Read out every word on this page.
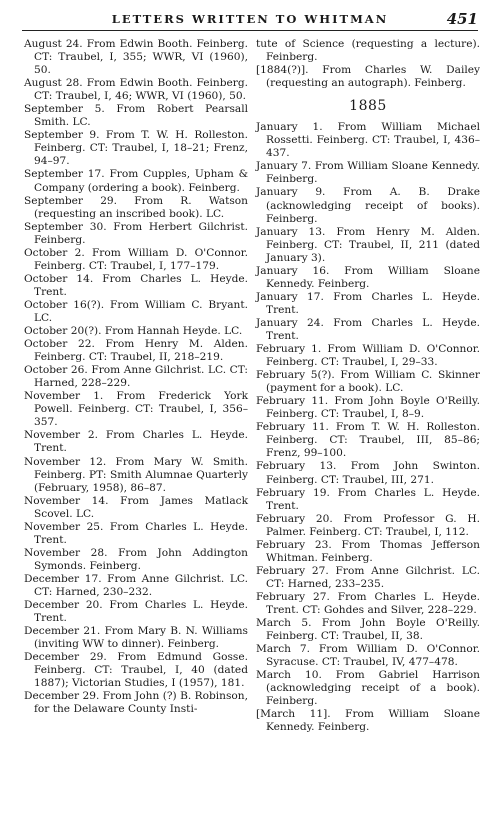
LETTERS WRITTEN TO WHITMAN	451

August 24. From Edwin Booth. Feinberg. CT: Traubel, I, 355; WWR, VI (1960), 50.

August 28. From Edwin Booth. Feinberg. CT: Traubel, I, 46; WWR, VI (1960), 50.

September 5. From Robert Pearsall Smith. LC.

September 9. From T. W. H. Rolleston. Feinberg. CT: Traubel, I, 18–21; Frenz, 94–97.

September 17. From Cupples, Upham & Company (ordering a book). Feinberg.

September 29. From R. Watson (requesting an inscribed book). LC.

September 30. From Herbert Gilchrist. Feinberg.

October 2. From William D. O'Connor. Feinberg. CT: Traubel, I, 177–179.

October 14. From Charles L. Heyde. Trent.

October 16(?). From William C. Bryant. LC.

October 20(?). From Hannah Heyde. LC.

October 22. From Henry M. Alden. Feinberg. CT: Traubel, II, 218–219.

October 26. From Anne Gilchrist. LC. CT: Harned, 228–229.

November 1. From Frederick York Powell. Feinberg. CT: Traubel, I, 356–357.

November 2. From Charles L. Heyde. Trent.

November 12. From Mary W. Smith. Feinberg. PT: Smith Alumnae Quarterly (February, 1958), 86–87.

November 14. From James Matlack Scovel. LC.

November 25. From Charles L. Heyde. Trent.

November 28. From John Addington Symonds. Feinberg.

December 17. From Anne Gilchrist. LC. CT: Harned, 230–232.

December 20. From Charles L. Heyde. Trent.

December 21. From Mary B. N. Williams (inviting WW to dinner). Feinberg.

December 29. From Edmund Gosse. Feinberg. CT: Traubel, I, 40 (dated 1887); Victorian Studies, I (1957), 181.

December 29. From John (?) B. Robinson, for the Delaware County Insti-

tute of Science (requesting a lecture). Feinberg.

[1884(?)]. From Charles W. Dailey (requesting an autograph). Feinberg.

1885

January 1. From William Michael Rossetti. Feinberg. CT: Traubel, I, 436–437.

January 7. From William Sloane Kennedy. Feinberg.

January 9. From A. B. Drake (acknowledging receipt of books). Feinberg.

January 13. From Henry M. Alden. Feinberg. CT: Traubel, II, 211 (dated January 3).

January 16. From William Sloane Kennedy. Feinberg.

January 17. From Charles L. Heyde. Trent.

January 24. From Charles L. Heyde. Trent.

February 1. From William D. O'Connor. Feinberg. CT: Traubel, I, 29–33.

February 5(?). From William C. Skinner (payment for a book). LC.

February 11. From John Boyle O'Reilly. Feinberg. CT: Traubel, I, 8–9.

February 11. From T. W. H. Rolleston. Feinberg. CT: Traubel, III, 85–86; Frenz, 99–100.

February 13. From John Swinton. Feinberg. CT: Traubel, III, 271.

February 19. From Charles L. Heyde. Trent.

February 20. From Professor G. H. Palmer. Feinberg. CT: Traubel, I, 112.

February 23. From Thomas Jefferson Whitman. Feinberg.

February 27. From Anne Gilchrist. LC. CT: Harned, 233–235.

February 27. From Charles L. Heyde. Trent. CT: Gohdes and Silver, 228–229.

March 5. From John Boyle O'Reilly. Feinberg. CT: Traubel, II, 38.

March 7. From William D. O'Connor. Syracuse. CT: Traubel, IV, 477–478.

March 10. From Gabriel Harrison (acknowledging receipt of a book). Feinberg.

[March 11]. From William Sloane Kennedy. Feinberg.
